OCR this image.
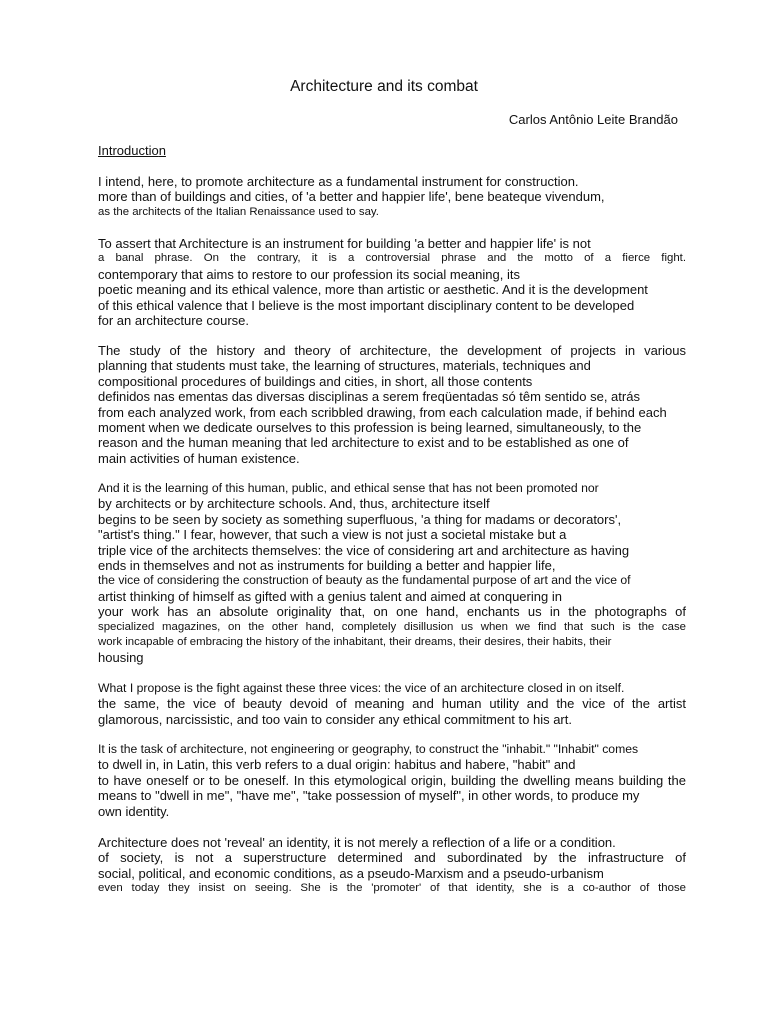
Architecture and its combat
Carlos Antônio Leite Brandão
Introduction
I intend, here, to promote architecture as a fundamental instrument for construction.
more than of buildings and cities, of 'a better and happier life', bene beateque vivendum,
as the architects of the Italian Renaissance used to say.
To assert that Architecture is an instrument for building 'a better and happier life' is not
a banal phrase. On the contrary, it is a controversial phrase and the motto of a fierce fight.
contemporary that aims to restore to our profession its social meaning, its
poetic meaning and its ethical valence, more than artistic or aesthetic. And it is the development
of this ethical valence that I believe is the most important disciplinary content to be developed
for an architecture course.
The study of the history and theory of architecture, the development of projects in various
planning that students must take, the learning of structures, materials, techniques and
compositional procedures of buildings and cities, in short, all those contents
definidos nas ementas das diversas disciplinas a serem freqüentadas só têm sentido se, atrás
from each analyzed work, from each scribbled drawing, from each calculation made, if behind each
moment when we dedicate ourselves to this profession is being learned, simultaneously, to the
reason and the human meaning that led architecture to exist and to be established as one of
main activities of human existence.
And it is the learning of this human, public, and ethical sense that has not been promoted nor
by architects or by architecture schools. And, thus, architecture itself
begins to be seen by society as something superfluous, 'a thing for madams or decorators',
"artist's thing." I fear, however, that such a view is not just a societal mistake but a
triple vice of the architects themselves: the vice of considering art and architecture as having
ends in themselves and not as instruments for building a better and happier life,
the vice of considering the construction of beauty as the fundamental purpose of art and the vice of
artist thinking of himself as gifted with a genius talent and aimed at conquering in
your work has an absolute originality that, on one hand, enchants us in the photographs of
specialized magazines, on the other hand, completely disillusion us when we find that such is the case
work incapable of embracing the history of the inhabitant, their dreams, their desires, their habits, their
housing
What I propose is the fight against these three vices: the vice of an architecture closed in on itself.
the same, the vice of beauty devoid of meaning and human utility and the vice of the artist
glamorous, narcissistic, and too vain to consider any ethical commitment to his art.
It is the task of architecture, not engineering or geography, to construct the "inhabit." "Inhabit" comes
to dwell in, in Latin, this verb refers to a dual origin: habitus and habere, "habit" and
to have oneself or to be oneself. In this etymological origin, building the dwelling means building the
means to "dwell in me", "have me", "take possession of myself", in other words, to produce my
own identity.
Architecture does not 'reveal' an identity, it is not merely a reflection of a life or a condition.
of society, is not a superstructure determined and subordinated by the infrastructure of
social, political, and economic conditions, as a pseudo-Marxism and a pseudo-urbanism
even today they insist on seeing. She is the 'promoter' of that identity, she is a co-author of those
